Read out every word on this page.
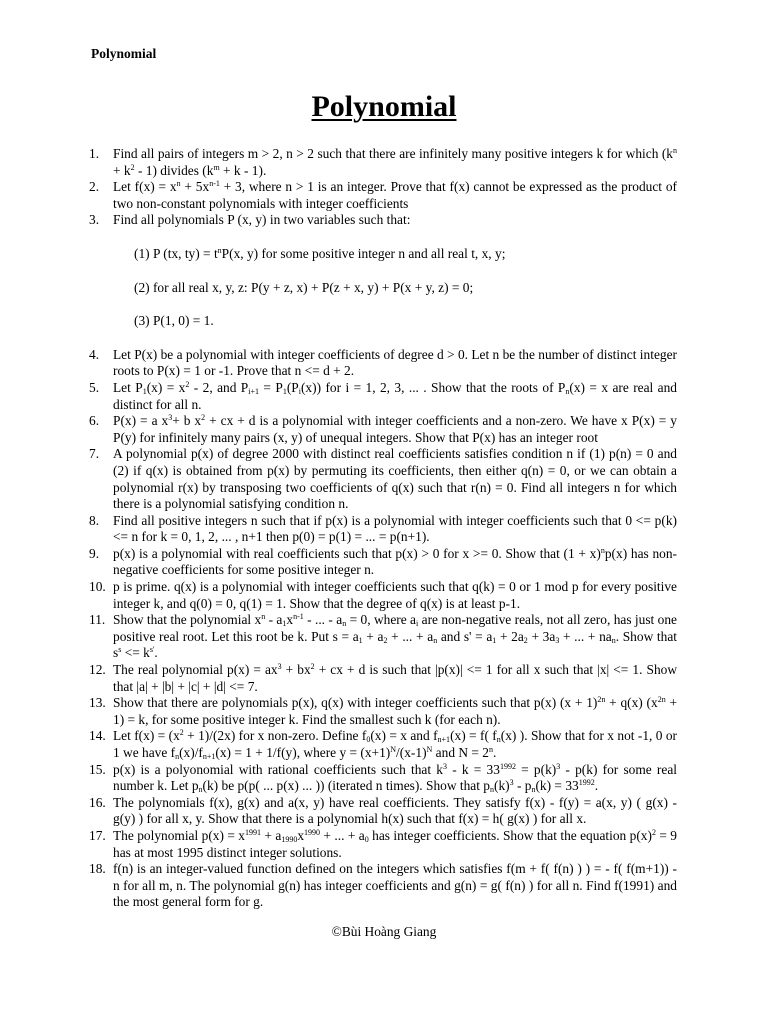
Polynomial
Polynomial
1. Find all pairs of integers m > 2, n > 2 such that there are infinitely many positive integers k for which $(k^n + k^2 - 1)$ divides $(k^m + k - 1)$.
2. Let $f(x) = x^n + 5x^{n-1} + 3$, where n > 1 is an integer. Prove that f(x) cannot be expressed as the product of two non-constant polynomials with integer coefficients
3. Find all polynomials P (x, y) in two variables such that:
(1) P (tx, $ty) = t^nP(x$, y) for some positive integer n and all real t, x, y;
(2) for all real x, y, z: P(y + z, x) + P(z + x, y) + P(x + y, z) = 0;
(3) P(1, 0) = 1.
4. Let P(x) be a polynomial with integer coefficients of degree d > 0. Let n be the number of distinct integer roots to P(x) = 1 or -1. Prove that n <= d + 2.
5. Let $P_1(x) = x^2 - 2$, and $P_{i+1} = P_1(P_i(x))$ for i = 1, 2, 3, ... . Show that the roots of $P_n(x) = x$ are real and distinct for all n.
6. P(x) = a $x^3+ b$ $x^2$ + cx + d is a polynomial with integer coefficients and a non-zero. We have x P(x) = y P(y) for infinitely many pairs (x, y) of unequal integers. Show that P(x) has an integer root
7. A polynomial p(x) of degree 2000 with distinct real coefficients satisfies condition n if (1) p(n) = 0 and (2) if q(x) is obtained from p(x) by permuting its coefficients, then either q(n) = 0, or we can obtain a polynomial r(x) by transposing two coefficients of q(x) such that r(n) = 0. Find all integers n for which there is a polynomial satisfying condition n.
8. Find all positive integers n such that if p(x) is a polynomial with integer coefficients such that 0 <= p(k) <= n for k = 0, 1, 2, ... , n+1 then p(0) = p(1) = ... = p(n+1).
9. p(x) is a polynomial with real coefficients such that p(x) > 0 for x >= 0. Show that $(1 + x)^np(x)$ has non-negative coefficients for some positive integer n.
10. p is prime. q(x) is a polynomial with integer coefficients such that q(k) = 0 or 1 mod p for every positive integer k, and q(0) = 0, q(1) = 1. Show that the degree of q(x) is at least p-1.
11. Show that the polynomial $x^n - a_1x^{n-1}$ - ... - $a_n = 0$, where $a_i$ are non-negative reals, not all zero, has just one positive real root. Let this root be k. Put $s = a_1 + a_2$ + ... + $a_n$ and $s' = a_1 + 2a_2 + 3a_3$ + ... + $na_n$. Show that $s^s <= k^{s'}$.
12. The real polynomial $p(x) = ax^3 + bx^2$ + cx + d is such that |p(x)| <= 1 for all x such that |x| <= 1. Show that |a| + |b| + |c| + |d| <= 7.
13. Show that there are polynomials p(x), q(x) with integer coefficients such that p(x) $(x + 1)^{2n} + q(x)$ $(x^{2n} + 1) = k$, for some positive integer k. Find the smallest such k (for each n).
14. Let $f(x) = (x^2 + 1)/(2x)$ for x non-zero. Define $f_0(x) = x$ and $f_{n+1}(x) = f$( $f_n(x)$ ). Show that for x not -1, 0 or 1 we have $f_n(x)/f_{n+1}(x) = 1 + 1/f(y)$, where $y = (x+1)^N/(x-1)^N$ and $N = 2^n$.
15. p(x) is a polyonomial with rational coefficients such that $k^3 - k = 33^{1992} = p(k)^3 - p(k)$ for some real number k. Let $p_n(k)$ be p(p( ... p(x) ... )) (iterated n times). Show that $p_n(k)^3 - p_n(k) = 33^{1992}$.
16. The polynomials f(x), g(x) and a(x, y) have real coefficients. They satisfy f(x) - f(y) = a(x, y) ( g(x) - g(y) ) for all x, y. Show that there is a polynomial h(x) such that f(x) = h( g(x) ) for all x.
17. The polynomial $p(x) = x^{1991} + a_{1990}x^{1990}$ + ... + $a_0$ has integer coefficients. Show that the equation $p(x)^2 = 9$ has at most 1995 distinct integer solutions.
18. f(n) is an integer-valued function defined on the integers which satisfies f(m + f( f(n) ) ) = - f( f(m+1)) - n for all m, n. The polynomial g(n) has integer coefficients and g(n) = g( f(n) ) for all n. Find f(1991) and the most general form for g.
©Bùi Hoàng Giang
